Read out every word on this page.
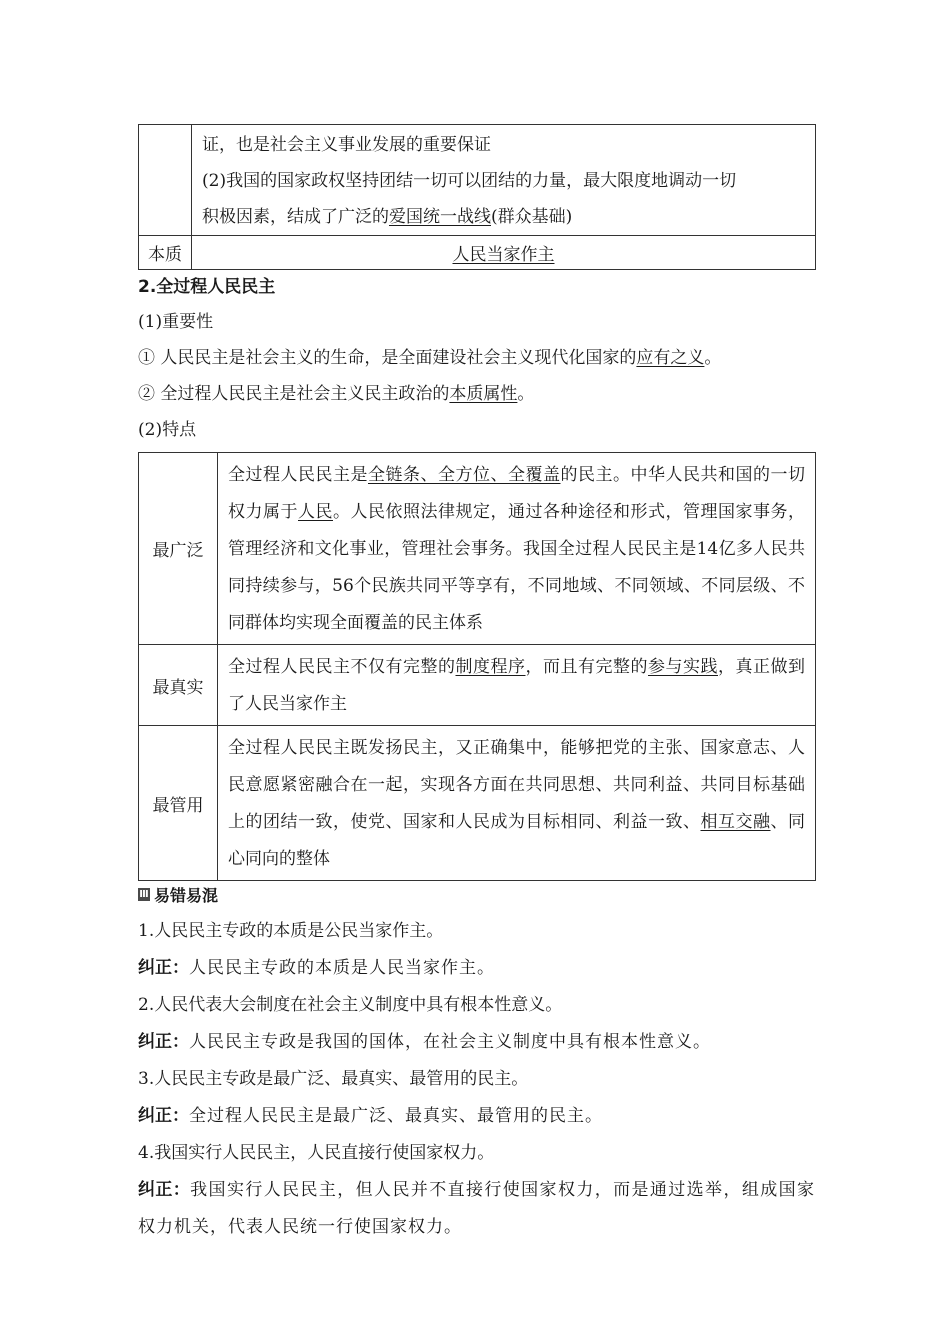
	证，也是社会主义事业发展的重要保证
(2)我国的国家政权坚持团结一切可以团结的力量，最大限度地调动一切
积极因素，结成了广泛的爱国统一战线(群众基础)

本质	人民当家作主
2.全过程人民民主
(1)重要性
① 人民民主是社会主义的生命，是全面建设社会主义现代化国家的应有之义。
② 全过程人民民主是社会主义民主政治的本质属性。
(2)特点
最广泛	全过程人民民主是全链条、全方位、全覆盖的民主。中华人民共和国的一切权力属于人民。人民依照法律规定，通过各种途径和形式，管理国家事务，管理经济和文化事业，管理社会事务。我国全过程人民民主是14亿多人民共同持续参与，56个民族共同平等享有，不同地域、不同领域、不同层级、不同群体均实现全面覆盖的民主体系
最真实	全过程人民民主不仅有完整的制度程序，而且有完整的参与实践，真正做到了人民当家作主
最管用	全过程人民民主既发扬民主，又正确集中，能够把党的主张、国家意志、人民意愿紧密融合在一起，实现各方面在共同思想、共同利益、共同目标基础上的团结一致，使党、国家和人民成为目标相同、利益一致、相互交融、同心同向的整体
Ⅲ 易错易混
1.人民民主专政的本质是公民当家作主。
纠正：人民民主专政的本质是人民当家作主。
2.人民代表大会制度在社会主义制度中具有根本性意义。
纠正：人民民主专政是我国的国体，在社会主义制度中具有根本性意义。
3.人民民主专政是最广泛、最真实、最管用的民主。
纠正：全过程人民民主是最广泛、最真实、最管用的民主。
4.我国实行人民民主，人民直接行使国家权力。
纠正：我国实行人民民主，但人民并不直接行使国家权力，而是通过选举，组成国家权力机关，代表人民统一行使国家权力。
